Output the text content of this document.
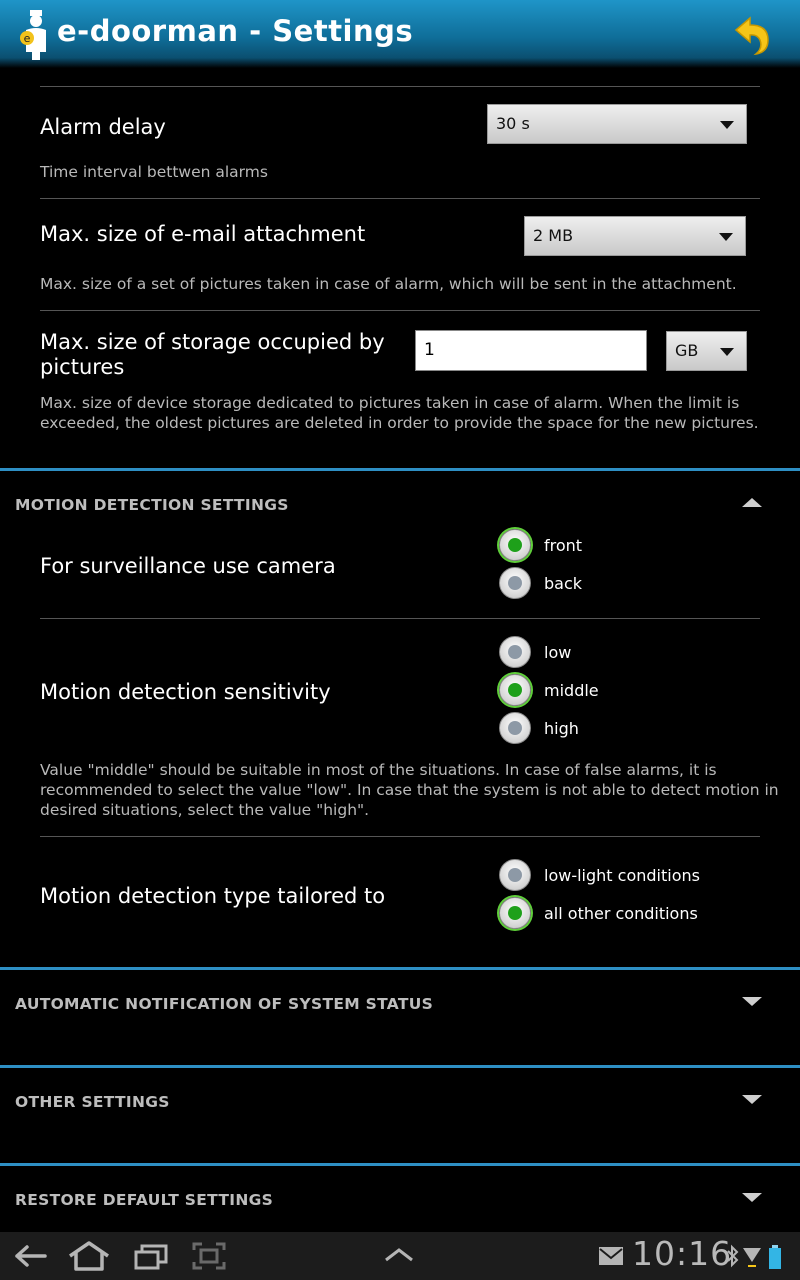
e e-doorman - Settings
Alarm delay	30 s
Time interval bettwen alarms
Max. size of e-mail attachment	2 MB
Max. size of a set of pictures taken in case of alarm, which will be sent in the attachment.
Max. size of storage occupied by
pictures
1	GB
Max. size of device storage dedicated to pictures taken in case of alarm. When the limit is
exceeded, the oldest pictures are deleted in order to provide the space for the new pictures.
MOTION DETECTION SETTINGS
For surveillance use camera
front
back
Motion detection sensitivity
low
middle
high
Value "middle" should be suitable in most of the situations. In case of false alarms, it is
recommended to select the value "low". In case that the system is not able to detect motion in
desired situations, select the value "high".
Motion detection type tailored to
low-light conditions
all other conditions
AUTOMATIC NOTIFICATION OF SYSTEM STATUS
OTHER SETTINGS
RESTORE DEFAULT SETTINGS
10:16
